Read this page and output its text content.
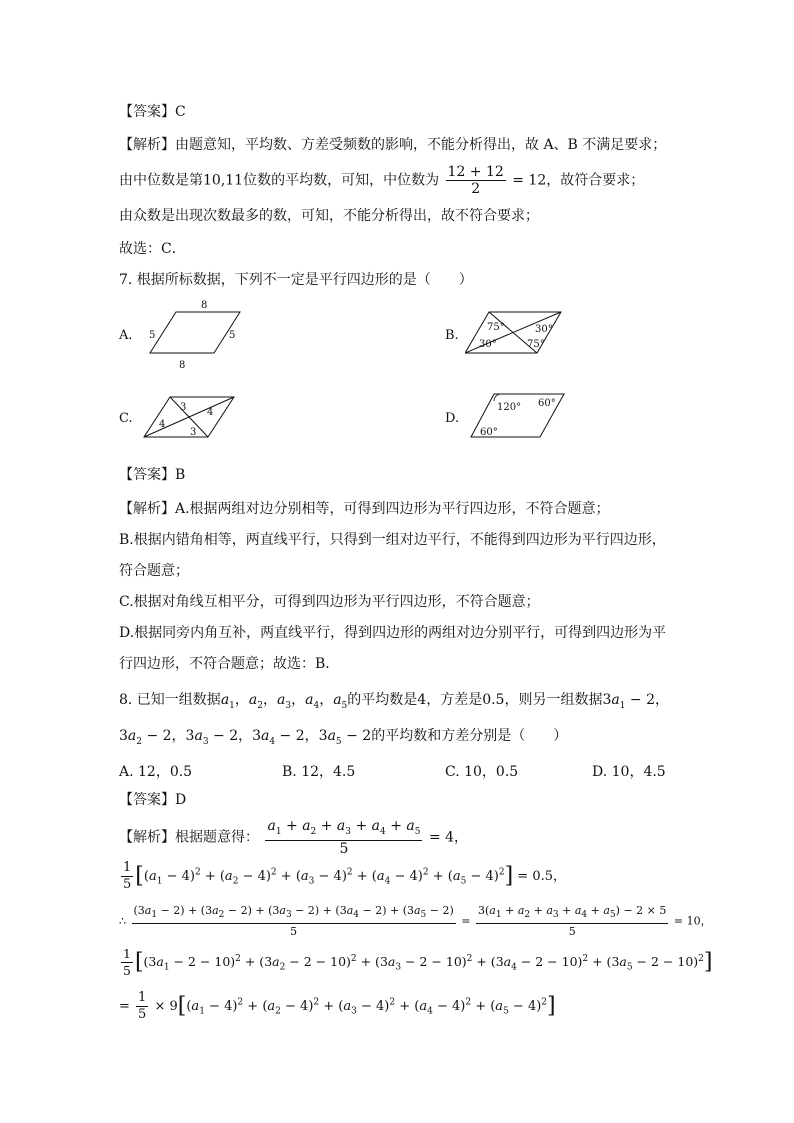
【答案】C
【解析】由题意知，平均数、方差受频数的影响，不能分析得出，故 A、B 不满足要求；
由中位数是第10,11位数的平均数，可知，中位数为 $\frac{12 + 12}{2} = 12$，故符合要求；
由众数是出现次数最多的数，可知，不能分析得出，故不符合要求；
故选：C．
7. 根据所标数据，下列不一定是平行四边形的是（　　）
A.
8
8
5	5	B.
75°
30°
30°
75°
C.
3 4
4
3
D.
120° 60°
60°
【答案】B
【解析】A.根据两组对边分别相等，可得到四边形为平行四边形，不符合题意；
B.根据内错角相等，两直线平行，只得到一组对边平行，不能得到四边形为平行四边形，
符合题意；
C.根据对角线互相平分，可得到四边形为平行四边形，不符合题意；
D.根据同旁内角互补，两直线平行，得到四边形的两组对边分别平行，可得到四边形为平
行四边形，不符合题意；故选：B．
8. 已知一组数据$a_1$，$a_2$，$a_3$，$a_4$，$a_5$的平均数是4，方差是0.5，则另一组数据$3a_1 - 2$，
$3a_2 - 2$，$3a_3 - 2$，$3a_4 - 2$，$3a_5 - 2$的平均数和方差分别是（　　）
A. 12，0.5	B. 12，4.5	C. 10，0.5	D. 10，4.5
【答案】D
【解析】根据题意得： $\frac{a_1 + a_2 + a_3 + a_4 + a_5}{5} = 4$，
$\frac{1}{5} [(a_1 - 4)^2 + (a_2 - 4)^2 + (a_3 - 4)^2 + (a_4 - 4)^2 + (a_5 - 4)^2] = 0.5$，
∴ $\frac{(3a_1 - 2) + (3a_2 - 2) + (3a_3 - 2) + (3a_4 - 2) + (3a_5 - 2)}{5} = \frac{3(a_1 + a_2 + a_3 + a_4 + a_5) - 2 \times 5}{5} = 10$，
$\frac{1}{5} [(3a_1 - 2 - 10)^2 + (3a_2 - 2 - 10)^2 + (3a_3 - 2 - 10)^2 + (3a_4 - 2 - 10)^2 + (3a_5 - 2 - 10)^2]$
= $\frac{1}{5} \times 9[(a_1 - 4)^2 + (a_2 - 4)^2 + (a_3 - 4)^2 + (a_4 - 4)^2 + (a_5 - 4)^2]$
